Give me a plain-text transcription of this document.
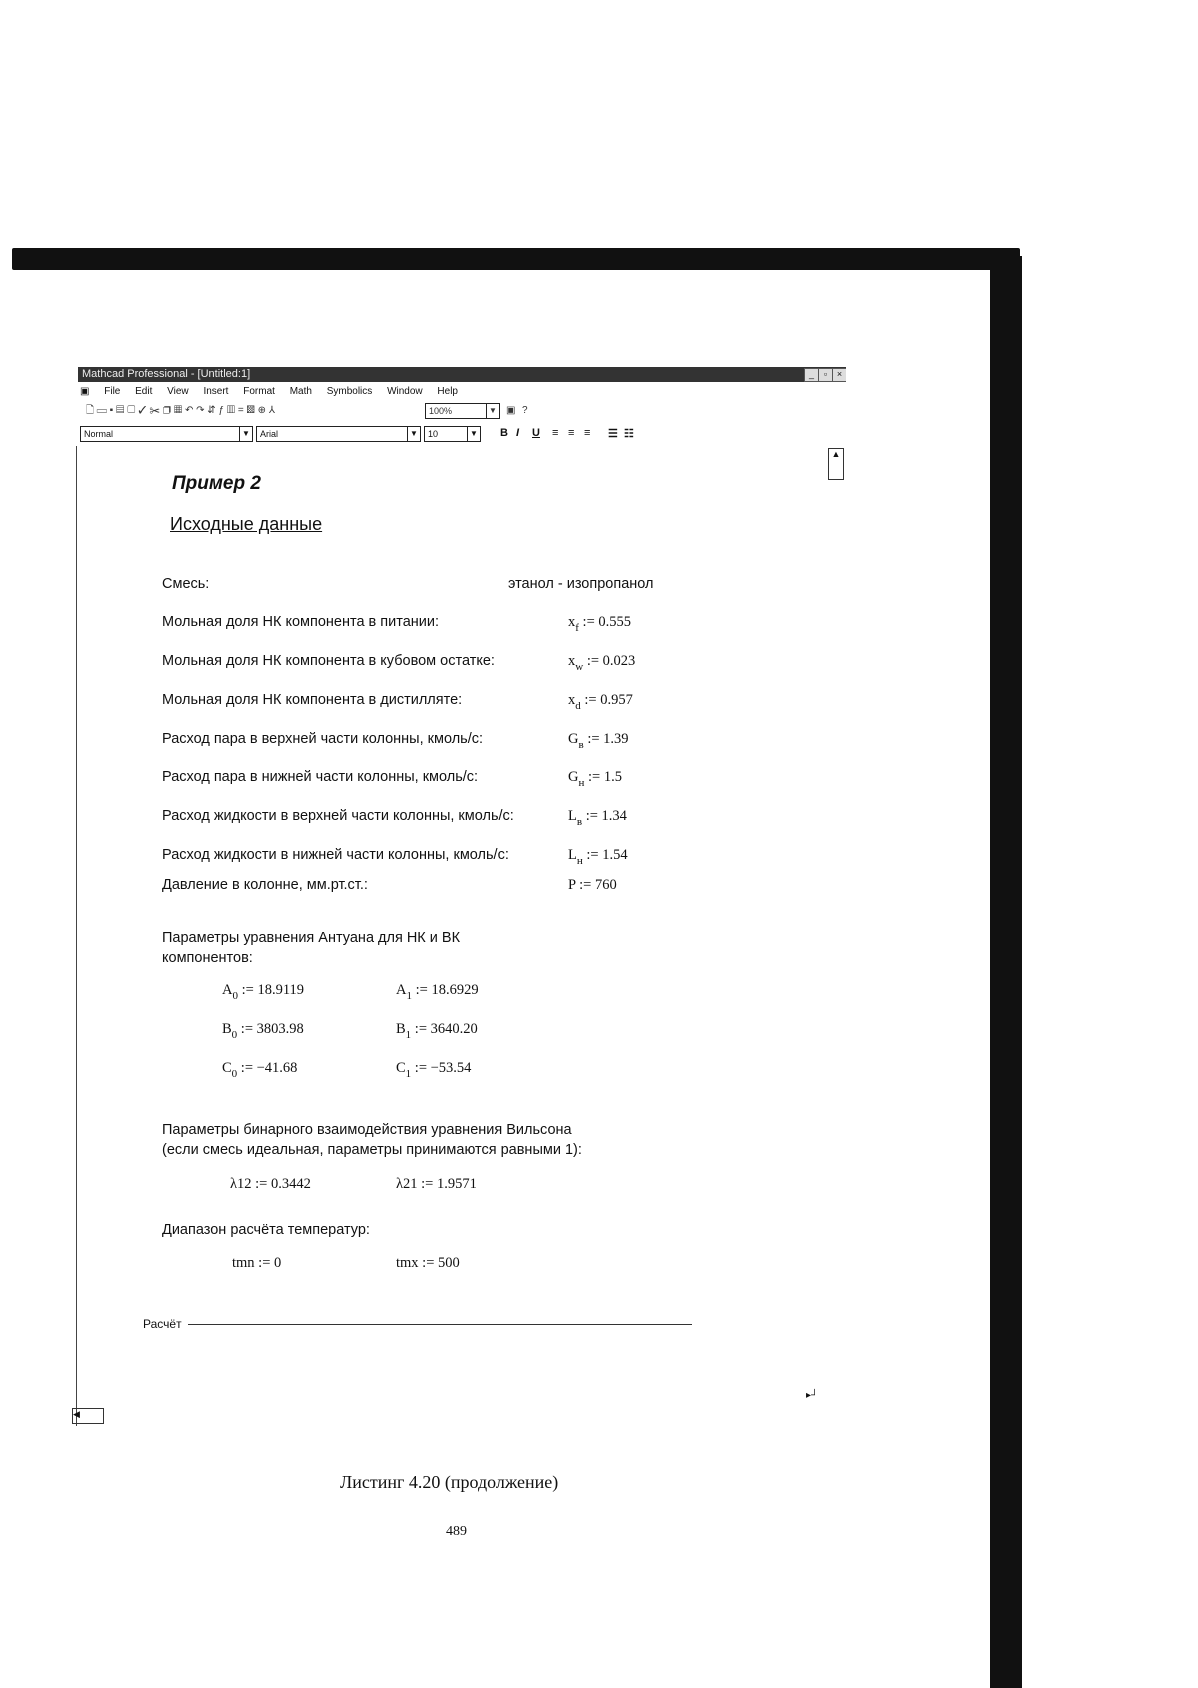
Mathcad Professional - [Untitled:1]	_	▫	×
▣ File Edit View Insert Format Math Symbolics Window Help
🗋 ▭ ▪ ▤ ▢ ✓ ✂ ❐ ▦ ↶ ↷ ⇵ ƒ ▥ = ▩ ⊕ ⅄	100%	▼ ▣ ?
Normal	▼	Arial	▼	10	▼ B I U ≡ ≡ ≡ ☰ ☷
▲
Пример 2
Исходные данные
Смесь:	этанол - изопропанол
Мольная доля НК компонента в питании:	$x_f$ := 0.555
Мольная доля НК компонента в кубовом остатке:	$x_w$ := 0.023
Мольная доля НК компонента в дистилляте:	$x_d$ := 0.957
Расход пара в верхней части колонны, кмоль/с:	$G_в$ := 1.39
Расход пара в нижней части колонны, кмоль/с:	$G_н$ := 1.5
Расход жидкости в верхней части колонны, кмоль/с:	$L_в$ := 1.34
Расход жидкости в нижней части колонны, кмоль/с:	$L_н$ := 1.54
Давление в колонне, мм.рт.ст.:	P := 760
Параметры уравнения Антуана для НК и ВК
компонентов:
$A_0$ := 18.9119	$A_1$ := 18.6929
$B_0$ := 3803.98	$B_1$ := 3640.20
$C_0$ := −41.68	$C_1$ := −53.54
Параметры бинарного взаимодействия уравнения Вильсона
(если смесь идеальная, параметры принимаются равными 1):
λ12 := 0.3442	λ21 := 1.9571
Диапазон расчёта температур:
tmn := 0	tmx := 500
Расчёт
◀
▸┘
Листинг 4.20 (продолжение)
489
